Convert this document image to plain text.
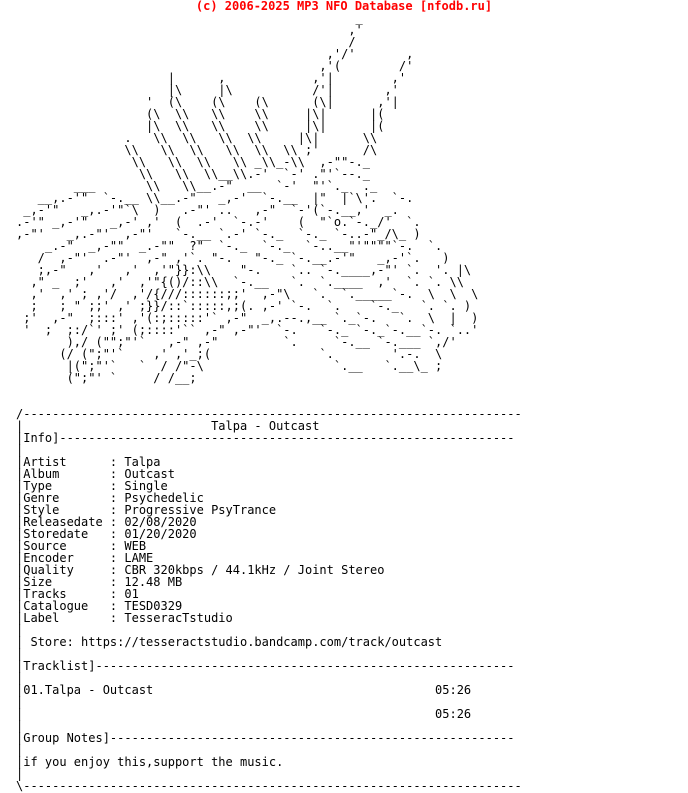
(c) 2006-2025 MP3 NFO Database [nfodb.ru]
_
,'
/
,'/'       ,
,'(        /'
|      ,            ,'|        ,'
|\     |\           /'|       ,'
'  (\    (\    (\      (\|      ,'|
(\  \\   \\    \\     |\|      |(
|\  \\   \\    \\     |\|      |(
.   \\  \\   \\  \\     |\|      \\
\\   \\  \\   \\  \\  \\ ;'      /\
\\   \\  \\   \\ _\\_-\\  ,-""-._
\\   \\  \\__\\.-'  `-' ."'`--._
___       \\   \\__.-"  __  `-'  "'`._  ._
__,.-'"  `-.__ \\__.-"   _,-'  `-.__  |"  |`\'.  `-.
_,-'"   _,.-'"`\  )   .-"' ..   ,-"  `-'(`-.__,'  _.
.-'" _,-'"   _,-' ,'  (  .-'  `-.-'    (  "`o.`-._/'  `.
,-"'   _,.-"'  ,-"'   `-.__ `.-' `-._  `-._ `-..-"_/\_ )
_.-"  _,-""  _.-""  ?"  `-._  `-._  `-..__"'""""`-.  `.
/  ,-"'  .-"'  ,-" ,'`. "-.   "-._ `-.__.-'"   _,-'`.   )
;,-"   ,'   ,'  ,'"}}:\\    "-.    `.. `-.____,-"' `.  '. |\
," _  ;'   ,'  ,'"{()/::\\  `-.__   `.  `.____  ,'  `. `. \\
,'  ,' ; ,'/  ,'/{///::::::;;'  ,-"\   `.  `._____`-.  \  \  \
;   ; " ;;' ,' ;}}/::`:::::,;(. ,-' `-.  `.    `-._   `. `. )
;'  ,-"  ;:::' ,'(:;:::::'` ,-"  _,.--.,__ `._`-.   `.  \  |  )
'  ;  ;:/`' ;' (;::::'`` ,-" ,-"'  `-.   `-._ `-._`-.__`-. `..'
),/ ("";"'`   ,-" ,-"         `.     `-.__ `-.___ `,/'
(/ (";"'`    ,' ,'_;(               `.        '.-.  \
|(";"'`   `  / /"-\                  `.__   `.__\_ ;
(";"' `     / /__;

/---------------------------------------------------------------------
|                          Talpa - Outcast
|Info]---------------------------------------------------------------
|
|Artist      : Talpa
|Album       : Outcast
|Type        : Single
|Genre       : Psychedelic
|Style       : Progressive PsyTrance
|Releasedate : 02/08/2020
|Storedate   : 01/20/2020
|Source      : WEB
|Encoder     : LAME
|Quality     : CBR 320kbps / 44.1kHz / Joint Stereo
|Size        : 12.48 MB
|Tracks      : 01
|Catalogue   : TESD0329
|Label       : TesseracTstudio
|
| Store: https://tesseractstudio.bandcamp.com/track/outcast
|
|Tracklist]----------------------------------------------------------
|
|01.Talpa - Outcast                                       05:26
|
|                                                         05:26
|
|Group Notes]--------------------------------------------------------
|
|if you enjoy this,support the music.
|
\---------------------------------------------------------------------
